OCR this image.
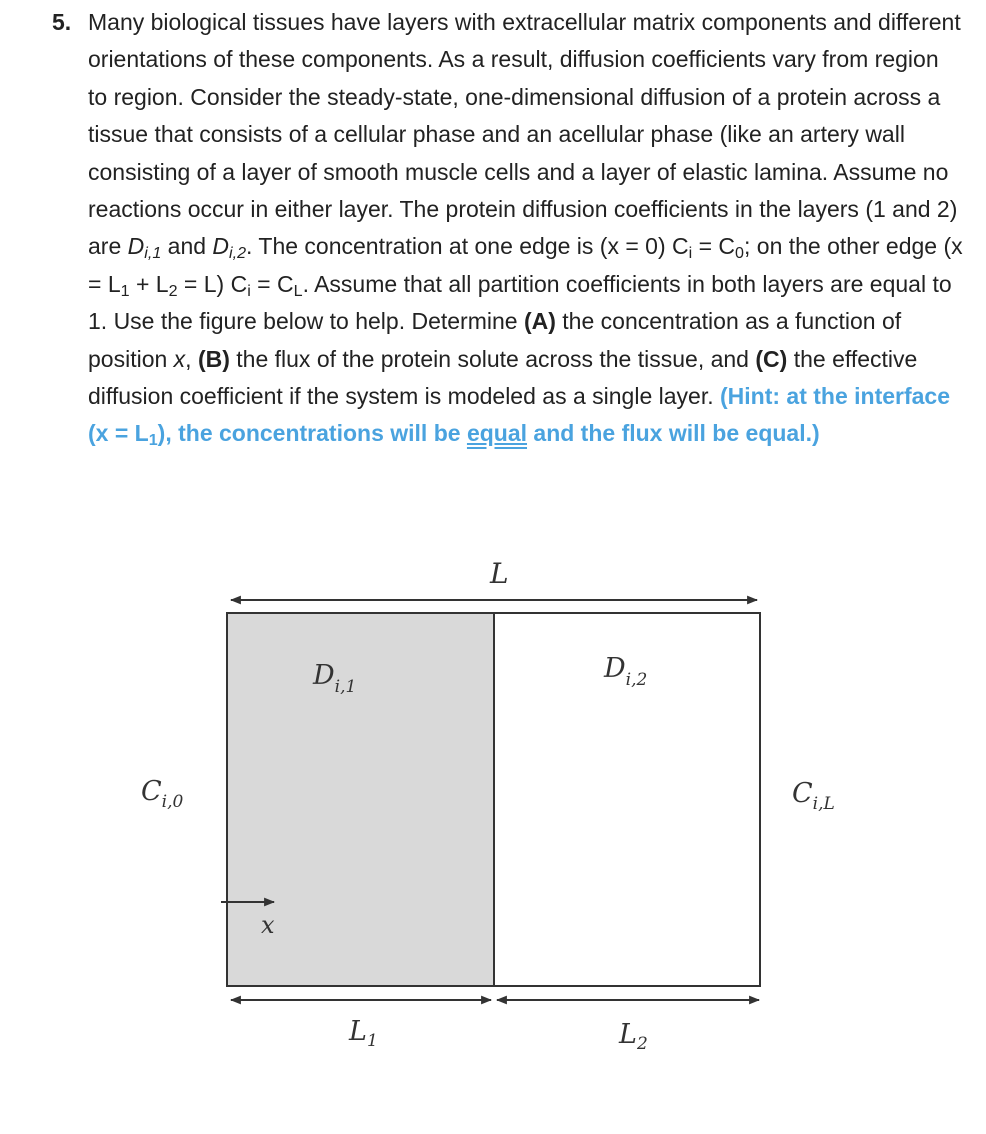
5. Many biological tissues have layers with extracellular matrix components and different orientations of these components. As a result, diffusion coefficients vary from region to region. Consider the steady-state, one-dimensional diffusion of a protein across a tissue that consists of a cellular phase and an acellular phase (like an artery wall consisting of a layer of smooth muscle cells and a layer of elastic lamina. Assume no reactions occur in either layer. The protein diffusion coefficients in the layers (1 and 2) are $D_{i,1}$ and $D_{i,2}$. The concentration at one edge is (x = 0) $C_i = C_0$; on the other edge $(x = L_1 + L_2 = L)$ $C_i = C_L$. Assume that all partition coefficients in both layers are equal to 1. Use the figure below to help. Determine (A) the concentration as a function of position x, (B) the flux of the protein solute across the tissue, and (C) the effective diffusion coefficient if the system is modeled as a single layer. (Hint: at the interface $(x = L_1)$, the concentrations will be equal and the flux will be equal.)
L
$D_{i,1}$
$D_{i,2}$
$C_{i,0}$	$C_{i,L}$
x
$L_1$	$L_2$
